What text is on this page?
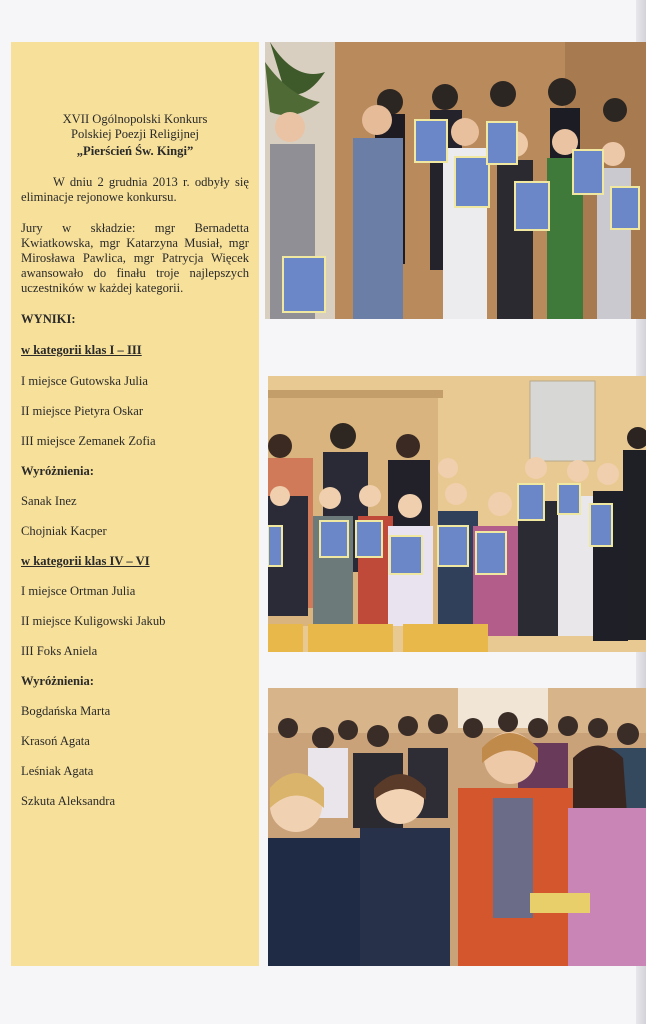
XVII Ogólnopolski Konkurs
Polskiej Poezji Religijnej
„Pierścień Św. Kingi”

W dniu 2 grudnia 2013 r. odbyły się eliminacje rejonowe konkursu.

Jury w składzie: mgr Bernadetta Kwiatkowska, mgr Katarzyna Musiał, mgr Mirosława Pawlica, mgr Patrycja Więcek awansowało do finału troje najlepszych uczestników w każdej kategorii.

WYNIKI:

w kategorii klas I – III

I miejsce Gutowska Julia

II miejsce Pietyra Oskar

III miejsce Zemanek Zofia

Wyróżnienia:

Sanak Inez

Chojniak Kacper

w kategorii klas IV – VI

I miejsce Ortman Julia

II miejsce Kuligowski Jakub

III Foks Aniela

Wyróżnienia:

Bogdańska Marta

Krasoń Agata

Leśniak Agata

Szkuta Aleksandra
